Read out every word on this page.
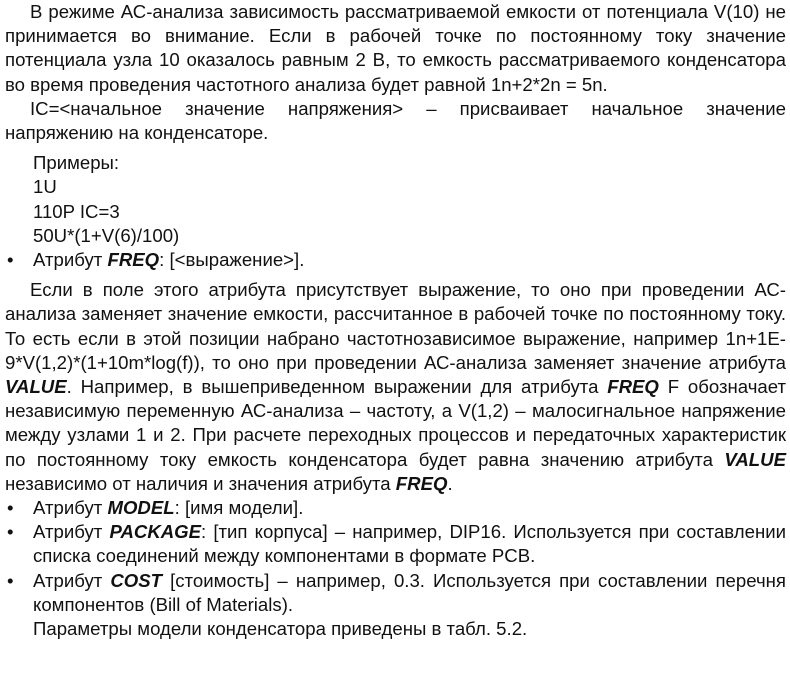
В режиме АС-анализа зависимость рассматриваемой емкости от потенциала V(10) не принимается во внимание. Если в рабочей точке по постоянному току значение потенциала узла 10 оказалось равным 2 В, то емкость рассматриваемого конденсатора во время проведения частотного анализа будет равной 1n+2*2n = 5n.

IC=<начальное значение напряжения> – присваивает начальное значение напряжению на конденсаторе.

Примеры:
1U
110P IC=3
50U*(1+V(6)/100)
• Атрибут FREQ: [<выражение>].

Если в поле этого атрибута присутствует выражение, то оно при проведении АС-анализа заменяет значение емкости, рассчитанное в рабочей точке по постоянному току. То есть если в этой позиции набрано частотнозависимое выражение, например 1n+1E-9*V(1,2)*(1+10m*log(f)), то оно при проведении АС-анализа заменяет значение атрибута VALUE. Например, в вышеприведенном выражении для атрибута FREQ F обозначает независимую переменную АС-анализа – частоту, а V(1,2) – малосигнальное напряжение между узлами 1 и 2. При расчете переходных процессов и передаточных характеристик по постоянному току емкость конденсатора будет равна значению атрибута VALUE независимо от наличия и значения атрибута FREQ.

• Атрибут MODEL: [имя модели].
• Атрибут PACKAGE: [тип корпуса] – например, DIP16. Используется при составлении списка соединений между компонентами в формате PCB.
• Атрибут COST [стоимость] – например, 0.3. Используется при составлении перечня компонентов (Bill of Materials).
Параметры модели конденсатора приведены в табл. 5.2.
